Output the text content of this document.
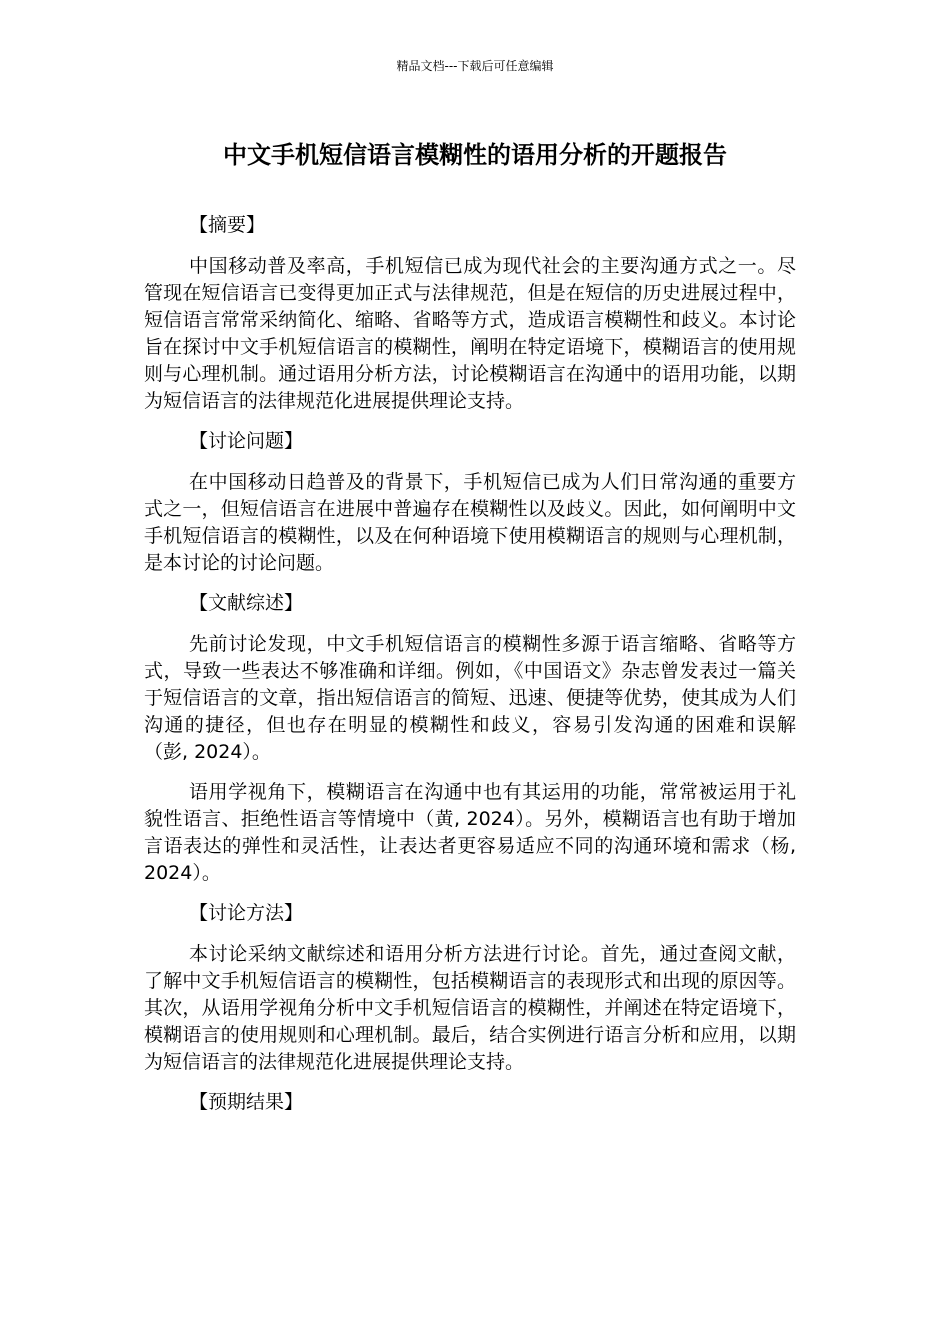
精品文档---下载后可任意编辑
中文手机短信语言模糊性的语用分析的开题报告
【摘要】

中国移动普及率高，手机短信已成为现代社会的主要沟通方式之一。尽管现在短信语言已变得更加正式与法律规范，但是在短信的历史进展过程中，短信语言常常采纳简化、缩略、省略等方式，造成语言模糊性和歧义。本讨论旨在探讨中文手机短信语言的模糊性，阐明在特定语境下，模糊语言的使用规则与心理机制。通过语用分析方法，讨论模糊语言在沟通中的语用功能，以期为短信语言的法律规范化进展提供理论支持。

【讨论问题】

在中国移动日趋普及的背景下，手机短信已成为人们日常沟通的重要方式之一，但短信语言在进展中普遍存在模糊性以及歧义。因此，如何阐明中文手机短信语言的模糊性，以及在何种语境下使用模糊语言的规则与心理机制，是本讨论的讨论问题。

【文献综述】

先前讨论发现，中文手机短信语言的模糊性多源于语言缩略、省略等方式，导致一些表达不够准确和详细。例如，《中国语文》杂志曾发表过一篇关于短信语言的文章，指出短信语言的简短、迅速、便捷等优势，使其成为人们沟通的捷径，但也存在明显的模糊性和歧义，容易引发沟通的困难和误解（彭, 2024）。

语用学视角下，模糊语言在沟通中也有其运用的功能，常常被运用于礼貌性语言、拒绝性语言等情境中（黄, 2024）。另外，模糊语言也有助于增加言语表达的弹性和灵活性，让表达者更容易适应不同的沟通环境和需求（杨, 2024）。

【讨论方法】

本讨论采纳文献综述和语用分析方法进行讨论。首先，通过查阅文献，了解中文手机短信语言的模糊性，包括模糊语言的表现形式和出现的原因等。其次，从语用学视角分析中文手机短信语言的模糊性，并阐述在特定语境下，模糊语言的使用规则和心理机制。最后，结合实例进行语言分析和应用，以期为短信语言的法律规范化进展提供理论支持。

【预期结果】
